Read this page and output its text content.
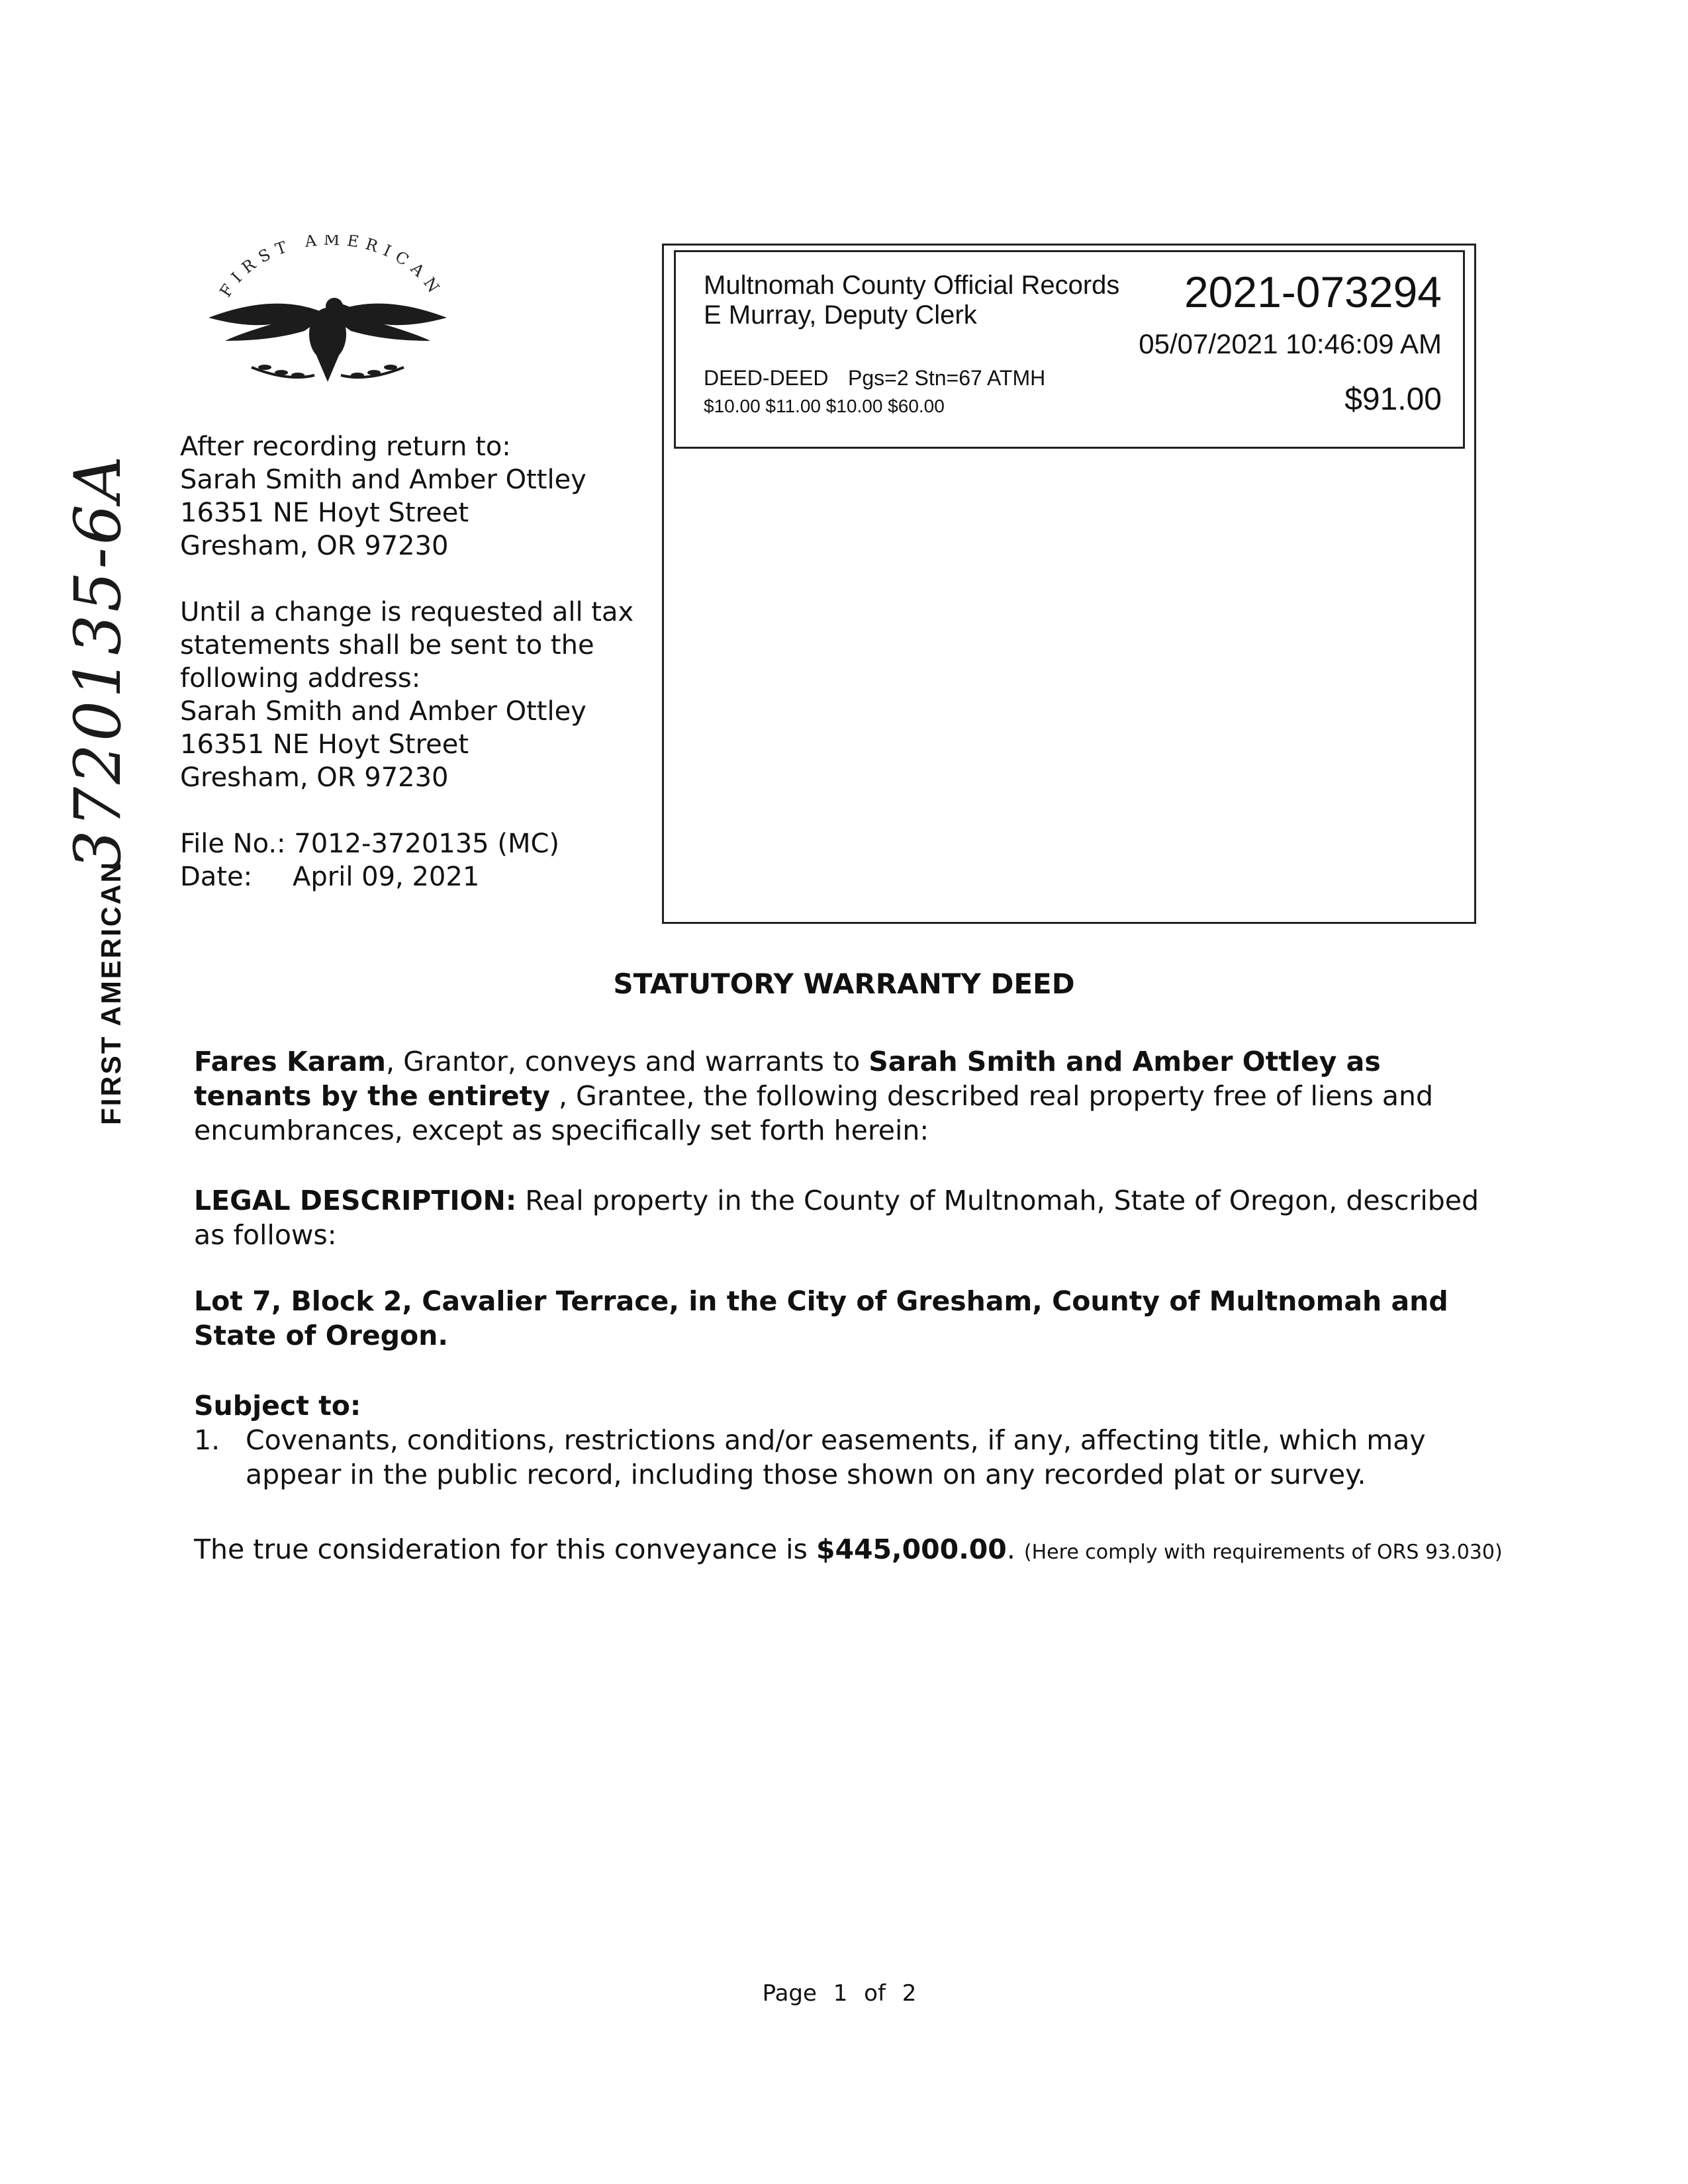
FIRST AMERICAN
After recording return to:
Sarah Smith and Amber Ottley
16351 NE Hoyt Street
Gresham, OR 97230
Until a change is requested all tax
statements shall be sent to the
following address:
Sarah Smith and Amber Ottley
16351 NE Hoyt Street
Gresham, OR 97230
File No.: 7012-3720135 (MC)
Date: April 09, 2021
Multnomah County Official Records
E Murray, Deputy Clerk	2021-073294
05/07/2021 10:46:09 AM
DEED-DEED Pgs=2 Stn=67 ATMH
$10.00 $11.00 $10.00 $60.00	$91.00
FIRST AMERICAN
3720135-6A
STATUTORY WARRANTY DEED
Fares Karam, Grantor, conveys and warrants to Sarah Smith and Amber Ottley as tenants by the entirety , Grantee, the following described real property free of liens and encumbrances, except as specifically set forth herein:
LEGAL DESCRIPTION: Real property in the County of Multnomah, State of Oregon, described as follows:
Lot 7, Block 2, Cavalier Terrace, in the City of Gresham, County of Multnomah and State of Oregon.
Subject to:
1. Covenants, conditions, restrictions and/or easements, if any, affecting title, which may appear in the public record, including those shown on any recorded plat or survey.
The true consideration for this conveyance is $445,000.00. (Here comply with requirements of ORS 93.030)
Page 1 of 2
